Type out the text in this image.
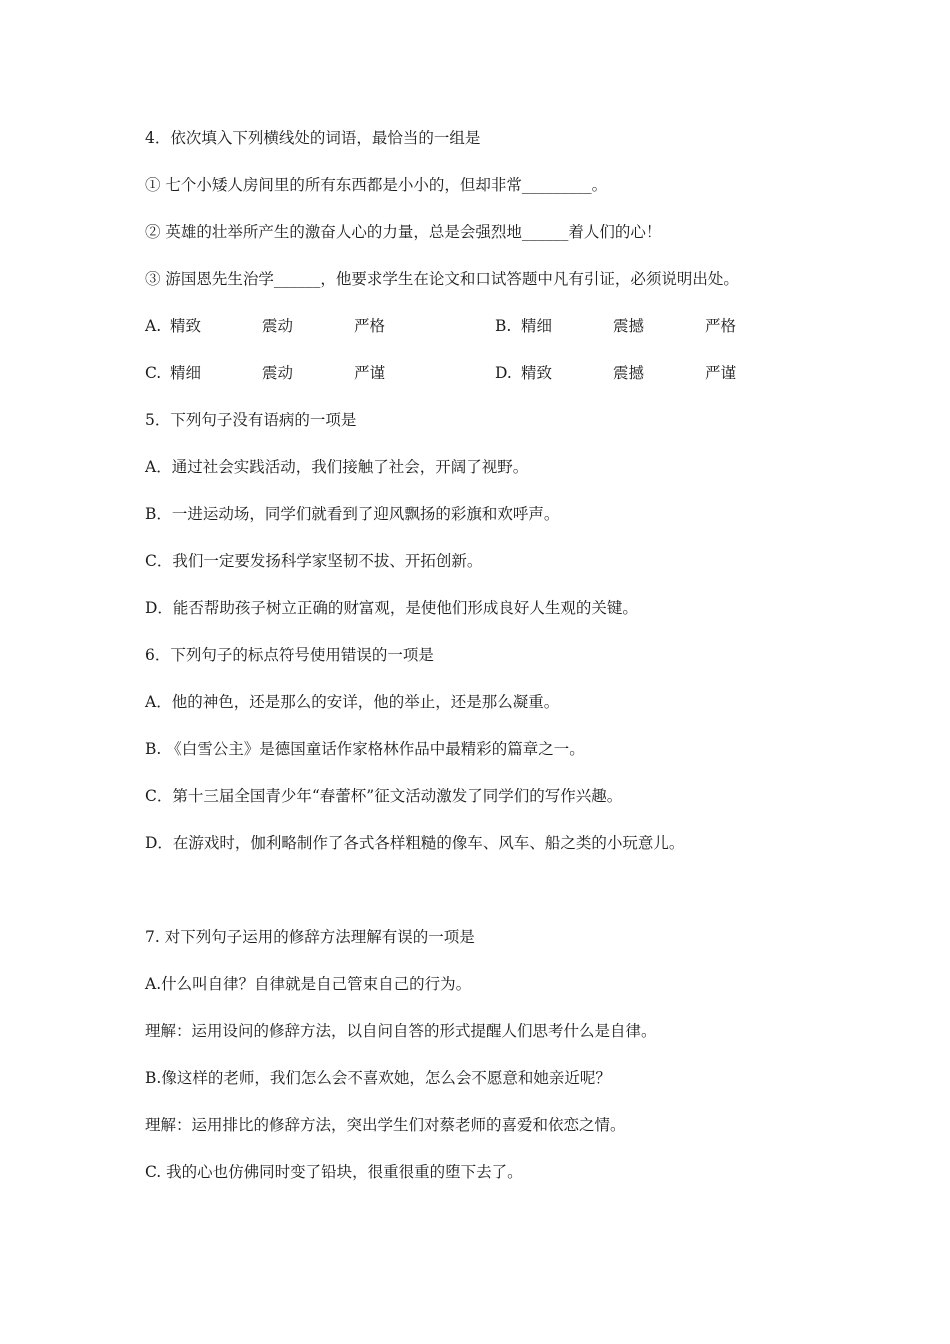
4．依次填入下列横线处的词语，最恰当的一组是
① 七个小矮人房间里的所有东西都是小小的，但却非常_________。
② 英雄的壮举所产生的激奋人心的力量，总是会强烈地______着人们的心！
③ 游国恩先生治学______，他要求学生在论文和口试答题中凡有引证，必须说明出处。
A. 精致	震动	严格	B. 精细	震撼	严格
C. 精细	震动	严谨	D. 精致	震撼	严谨
5．下列句子没有语病的一项是
A．通过社会实践活动，我们接触了社会，开阔了视野。
B．一进运动场，同学们就看到了迎风飘扬的彩旗和欢呼声。
C．我们一定要发扬科学家坚韧不拔、开拓创新。
D．能否帮助孩子树立正确的财富观，是使他们形成良好人生观的关键。
6．下列句子的标点符号使用错误的一项是
A．他的神色，还是那么的安详，他的举止，还是那么凝重。
B. 《白雪公主》是德国童话作家格林作品中最精彩的篇章之一。
C．第十三届全国青少年“春蕾杯”征文活动激发了同学们的写作兴趣。
D．在游戏时，伽利略制作了各式各样粗糙的像车、风车、船之类的小玩意儿。
7. 对下列句子运用的修辞方法理解有误的一项是
A.什么叫自律？自律就是自己管束自己的行为。
理解：运用设问的修辞方法，以自问自答的形式提醒人们思考什么是自律。
B.像这样的老师，我们怎么会不喜欢她，怎么会不愿意和她亲近呢？
理解：运用排比的修辞方法，突出学生们对蔡老师的喜爱和依恋之情。
C. 我的心也仿佛同时变了铅块，很重很重的堕下去了。
